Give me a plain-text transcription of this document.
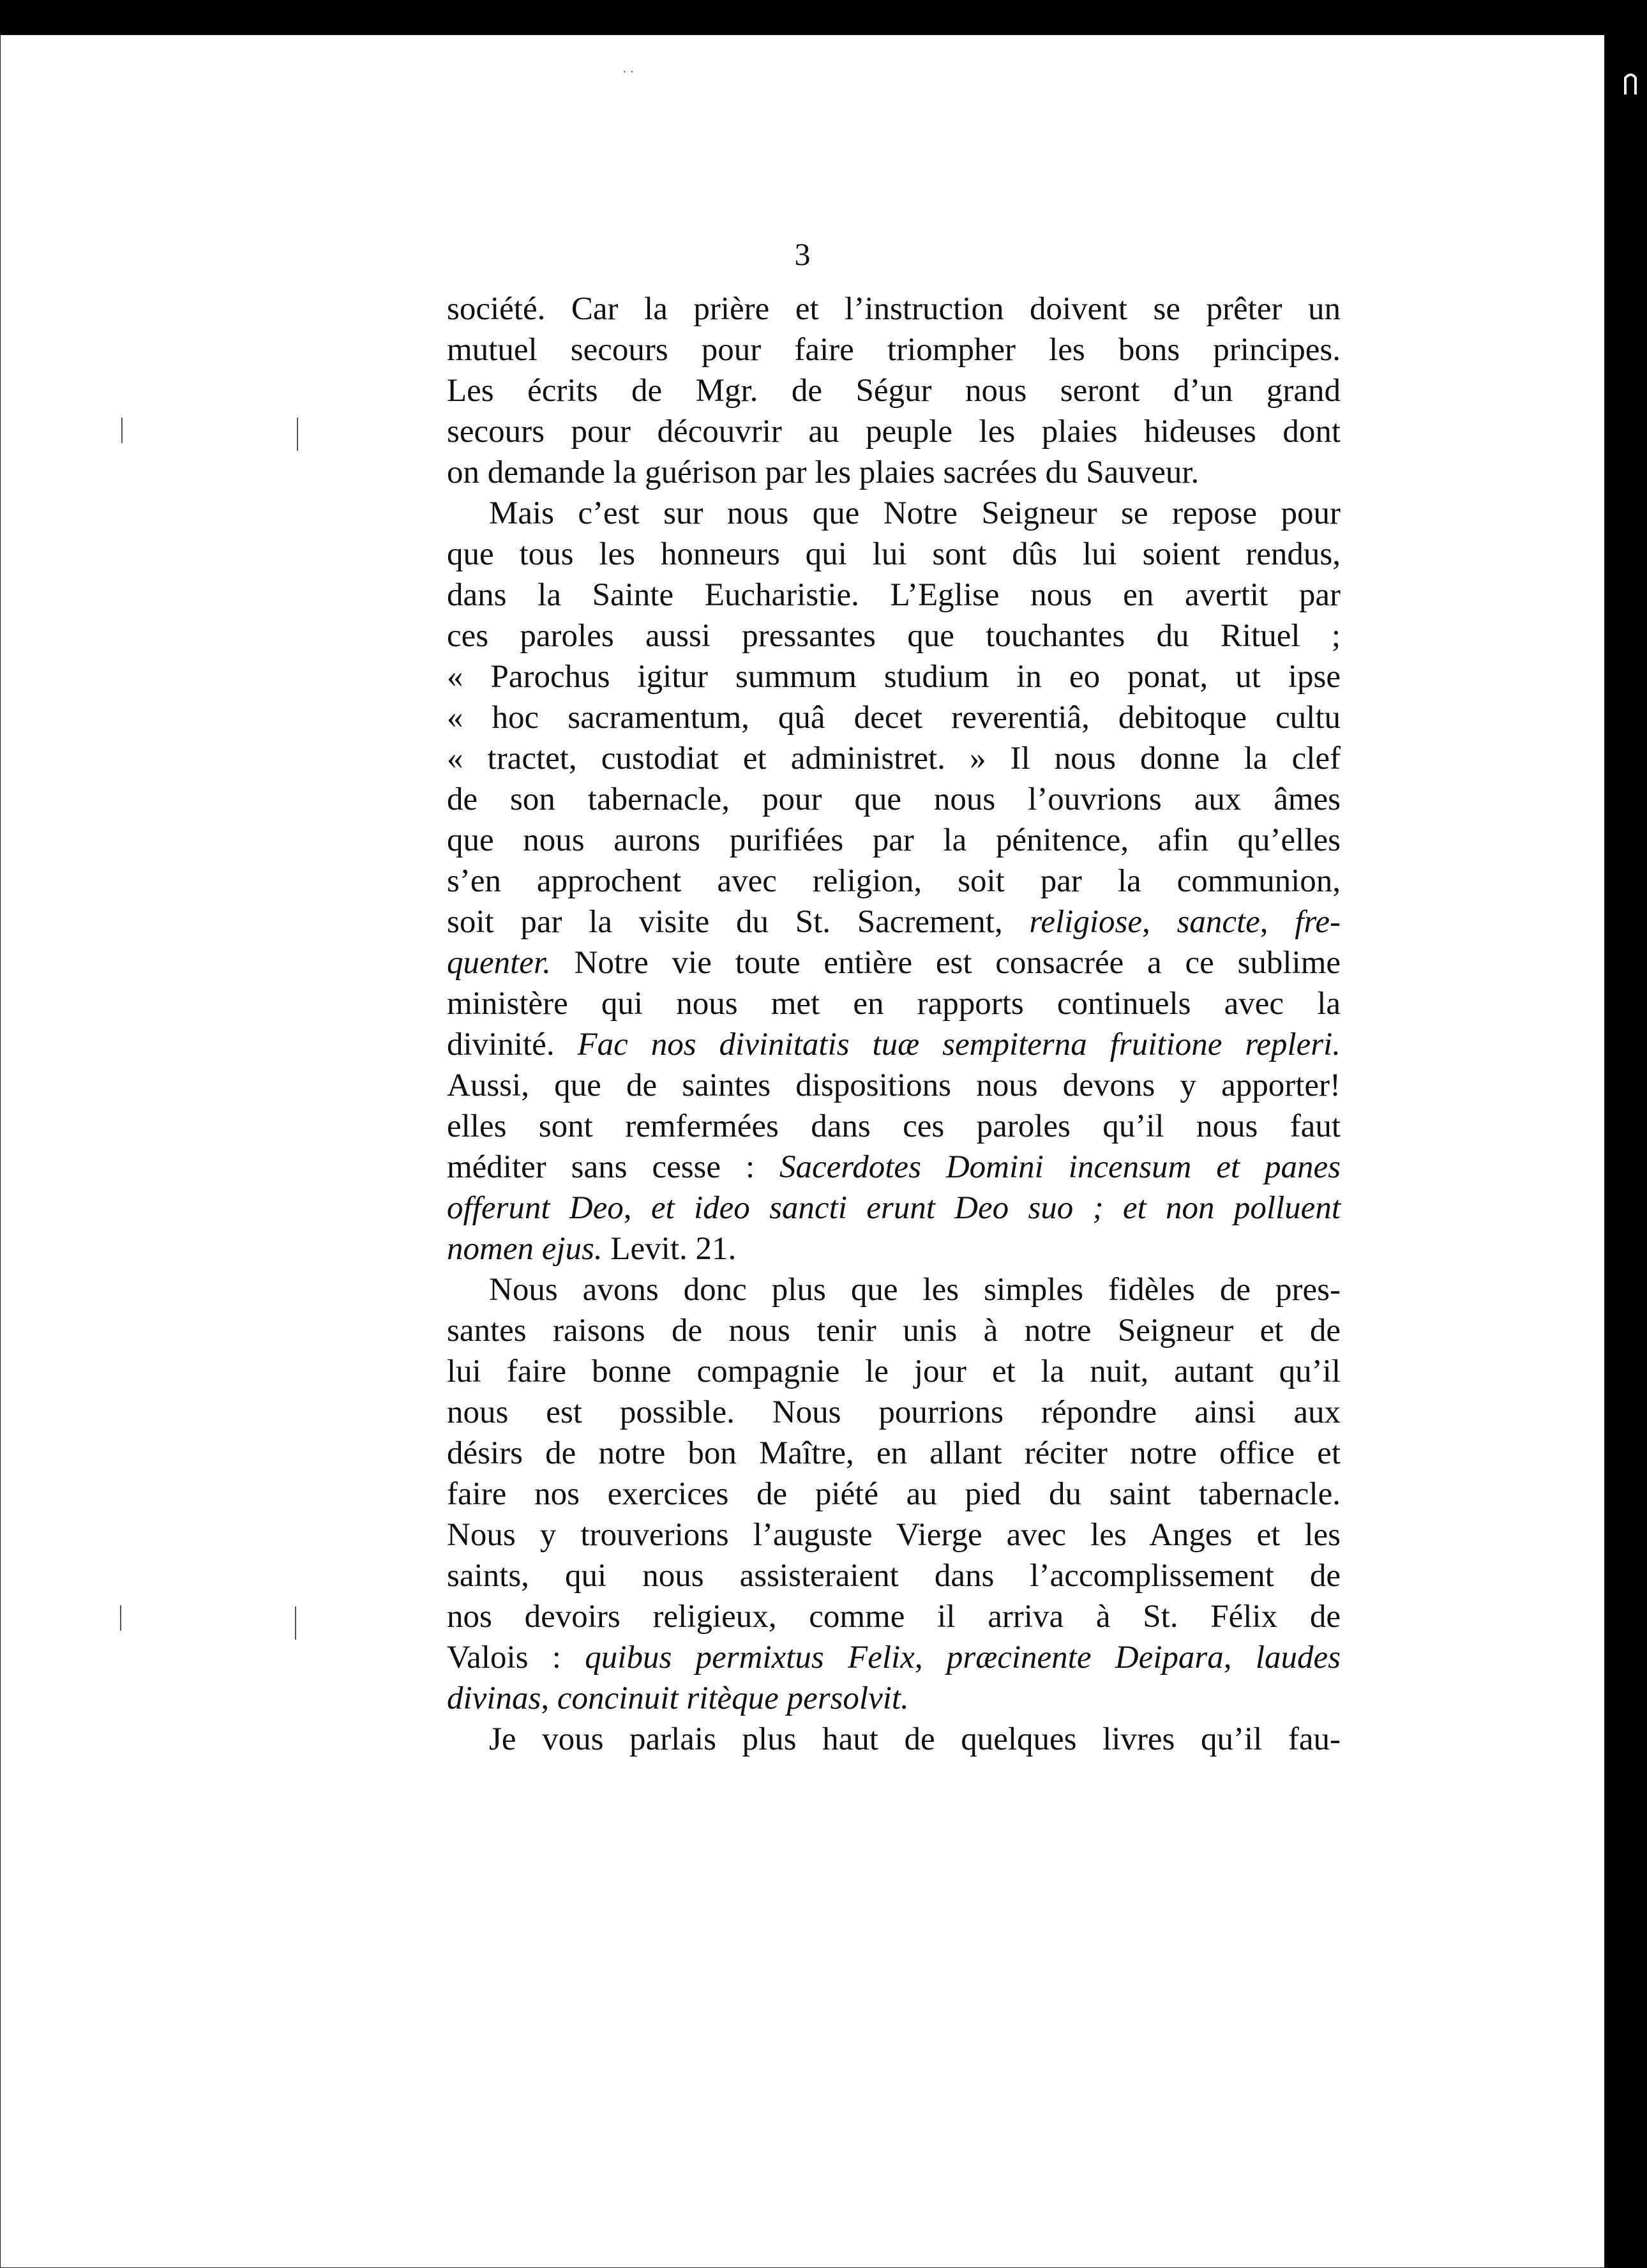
· ·
3
société. Car la prière et l’instruction doivent se prêter un
mutuel secours pour faire triompher les bons principes.
Les écrits de Mgr. de Ségur nous seront d’un grand
secours pour découvrir au peuple les plaies hideuses dont
on demande la guérison par les plaies sacrées du Sauveur.
Mais c’est sur nous que Notre Seigneur se repose pour
que tous les honneurs qui lui sont dûs lui soient rendus,
dans la Sainte Eucharistie. L’Eglise nous en avertit par
ces paroles aussi pressantes que touchantes du Rituel ;
« Parochus igitur summum studium in eo ponat, ut ipse
« hoc sacramentum, quâ decet reverentiâ, debitoque cultu
« tractet, custodiat et administret. » Il nous donne la clef
de son tabernacle, pour que nous l’ouvrions aux âmes
que nous aurons purifiées par la pénitence, afin qu’elles
s’en approchent avec religion, soit par la communion,
soit par la visite du St. Sacrement, religiose, sancte, fre-
quenter. Notre vie toute entière est consacrée a ce sublime
ministère qui nous met en rapports continuels avec la
divinité. Fac nos divinitatis tuæ sempiterna fruitione repleri.
Aussi, que de saintes dispositions nous devons y apporter!
elles sont remfermées dans ces paroles qu’il nous faut
méditer sans cesse : Sacerdotes Domini incensum et panes
offerunt Deo, et ideo sancti erunt Deo suo ; et non polluent
nomen ejus. Levit. 21.
Nous avons donc plus que les simples fidèles de pres-
santes raisons de nous tenir unis à notre Seigneur et de
lui faire bonne compagnie le jour et la nuit, autant qu’il
nous est possible. Nous pourrions répondre ainsi aux
désirs de notre bon Maître, en allant réciter notre office et
faire nos exercices de piété au pied du saint tabernacle.
Nous y trouverions l’auguste Vierge avec les Anges et les
saints, qui nous assisteraient dans l’accomplissement de
nos devoirs religieux, comme il arriva à St. Félix de
Valois : quibus permixtus Felix, præcinente Deipara, laudes
divinas, concinuit ritèque persolvit.
Je vous parlais plus haut de quelques livres qu’il fau-
